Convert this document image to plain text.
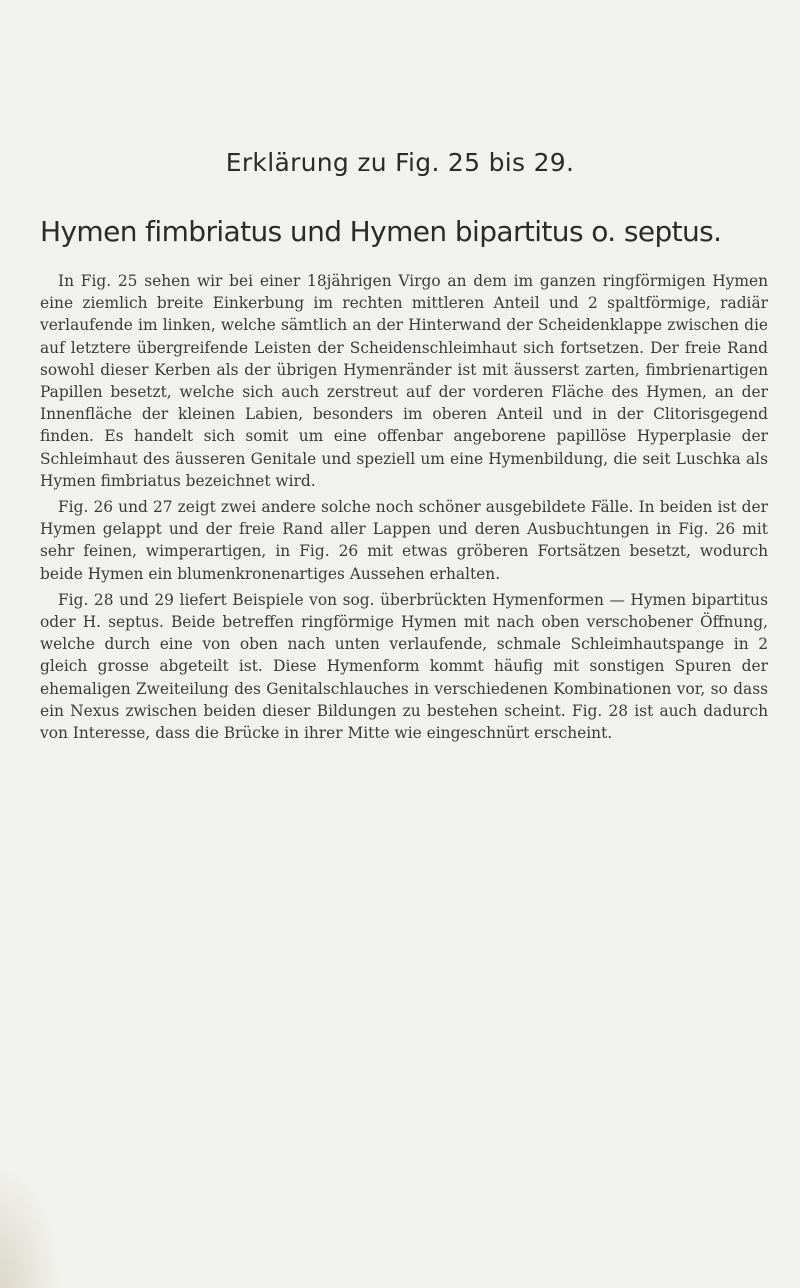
Erklärung zu Fig. 25 bis 29.
Hymen fimbriatus und Hymen bipartitus o. septus.

In Fig. 25 sehen wir bei einer 18jährigen Virgo an dem im ganzen ringförmigen Hymen eine ziemlich breite Einkerbung im rechten mittleren Anteil und 2 spaltförmige, radiär verlaufende im linken, welche sämtlich an der Hinterwand der Scheidenklappe zwischen die auf letztere übergreifende Leisten der Scheidenschleimhaut sich fortsetzen. Der freie Rand sowohl dieser Kerben als der übrigen Hymenränder ist mit äusserst zarten, fimbrienartigen Papillen besetzt, welche sich auch zerstreut auf der vorderen Fläche des Hymen, an der Innenfläche der kleinen Labien, besonders im oberen Anteil und in der Clitorisgegend finden. Es handelt sich somit um eine offenbar angeborene papillöse Hyperplasie der Schleimhaut des äusseren Genitale und speziell um eine Hymenbildung, die seit Luschka als Hymen fimbriatus bezeichnet wird.

Fig. 26 und 27 zeigt zwei andere solche noch schöner ausgebildete Fälle. In beiden ist der Hymen gelappt und der freie Rand aller Lappen und deren Ausbuchtungen in Fig. 26 mit sehr feinen, wimperartigen, in Fig. 26 mit etwas gröberen Fortsätzen besetzt, wodurch beide Hymen ein blumenkronenartiges Aussehen erhalten.

Fig. 28 und 29 liefert Beispiele von sog. überbrückten Hymenformen — Hymen bipartitus oder H. septus. Beide betreffen ringförmige Hymen mit nach oben verschobener Öffnung, welche durch eine von oben nach unten verlaufende, schmale Schleimhautspange in 2 gleich grosse abgeteilt ist. Diese Hymenform kommt häufig mit sonstigen Spuren der ehemaligen Zweiteilung des Genitalschlauches in verschiedenen Kombinationen vor, so dass ein Nexus zwischen beiden dieser Bildungen zu bestehen scheint. Fig. 28 ist auch dadurch von Interesse, dass die Brücke in ihrer Mitte wie eingeschnürt erscheint.
